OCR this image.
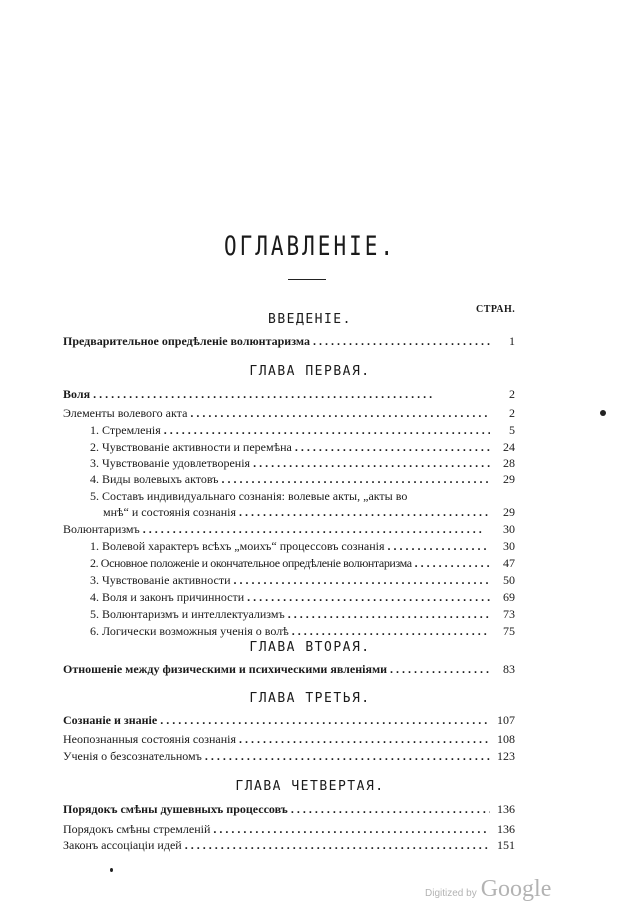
ОГЛАВЛЕНІЕ.
СТРАН.
ВВЕДЕНІЕ.
Предварительное опредѣленіе волюнтаризма . .	1
ГЛАВА ПЕРВАЯ.
Воля . .	2
Элементы волевого акта . .	2
1. Стремленія . .	5
2. Чувствованіе активности и перемѣна . .	24
3. Чувствованіе удовлетворенія . .	28
4. Виды волевыхъ актовъ . .	29
5. Составъ индивидуальнаго сознанія: волевые акты, „акты во
мнѣ“ и состоянія сознанія . .	29
Волюнтаризмъ . .	30
1. Волевой характеръ всѣхъ „моихъ“ процессовъ сознанія . .	30
2. Основное положеніе и окончательное опредѣленіе волюнтаризма . .	47
3. Чувствованіе активности . .	50
4. Воля и законъ причинности . .	69
5. Волюнтаризмъ и интеллектуализмъ . .	73
6. Логически возможныя ученія о волѣ . .	75
ГЛАВА ВТОРАЯ.
Отношеніе между физическими и психическими явленіями . .	83
ГЛАВА ТРЕТЬЯ.
Сознаніе и знаніе . .	107
Неопознанныя состоянія сознанія . .	108
Ученія о безсознательномъ . .	123
ГЛАВА ЧЕТВЕРТАЯ.
Порядокъ смѣны душевныхъ процессовъ . .	136
Порядокъ смѣны стремленій . .	136
Законъ ассоціаціи идей . .	151
Digitized by Google
